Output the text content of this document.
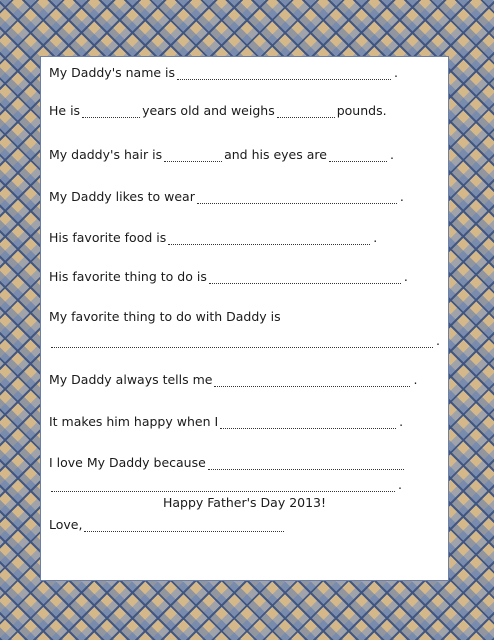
My Daddy's name is	.
He is	years old and weighs	pounds.
My daddy's hair is	and his eyes are	.
My Daddy likes to wear	.
His favorite food is	.
His favorite thing to do is	.
My favorite thing to do with Daddy is
.
My Daddy always tells me	.
It makes him happy when I	.
I love My Daddy because
.
Happy Father's Day 2013!
Love,
